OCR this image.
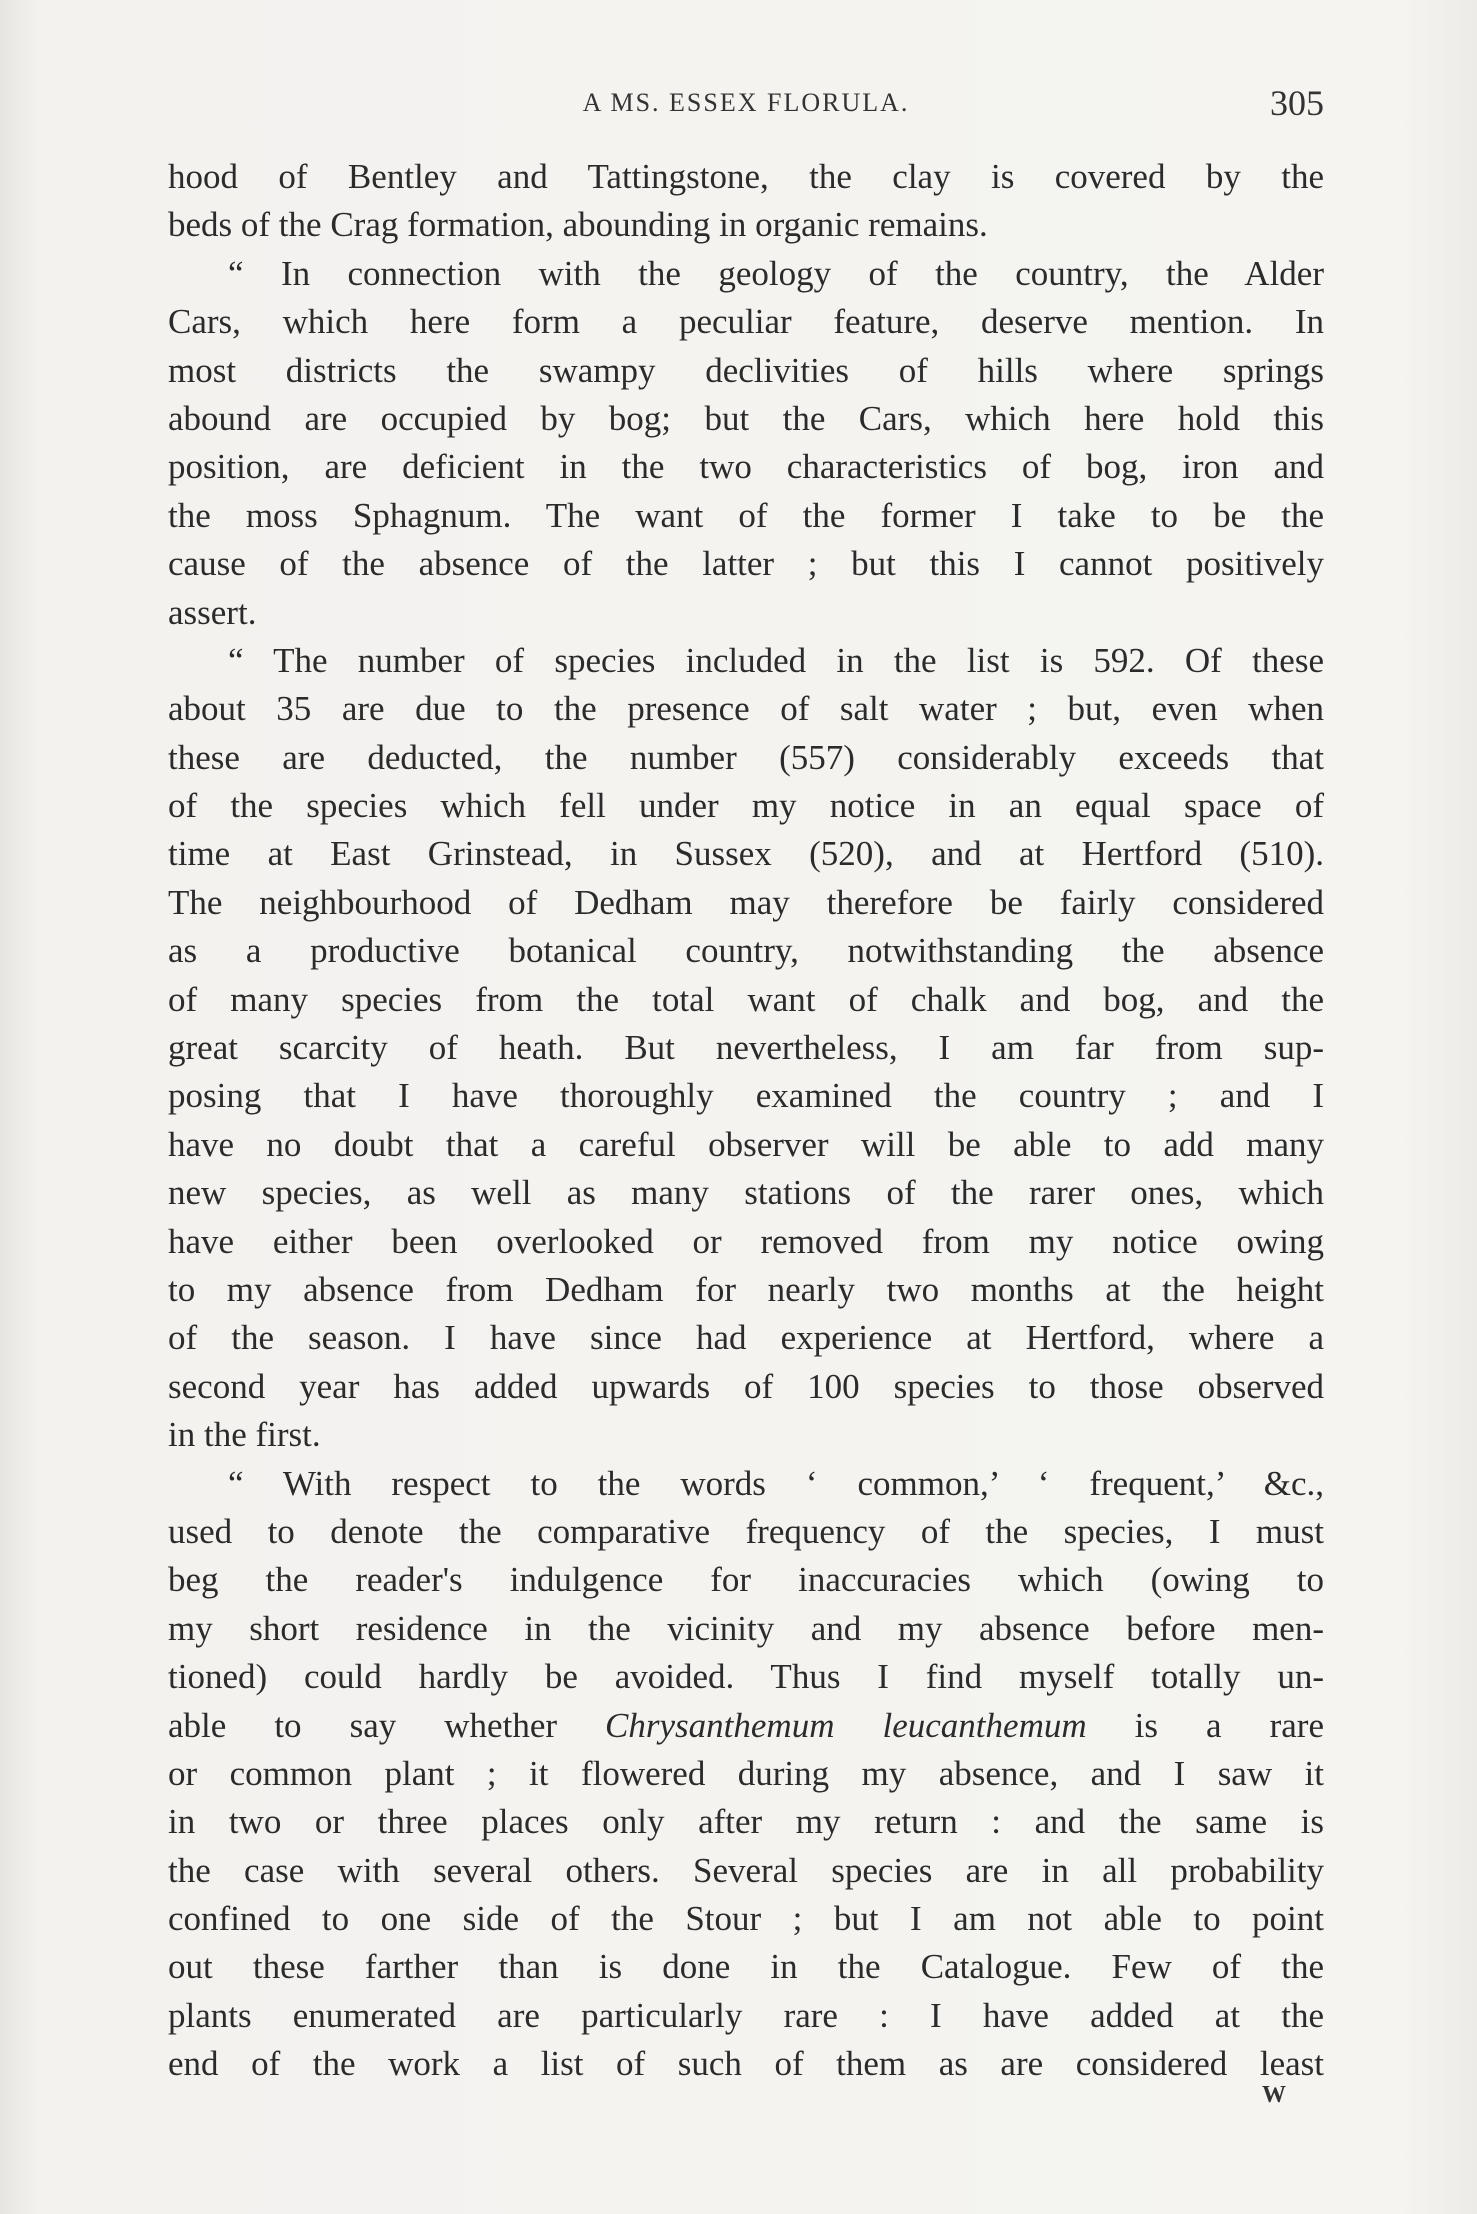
A MS. ESSEX FLORULA.	305
hood of Bentley and Tattingstone, the clay is covered by the
beds of the Crag formation, abounding in organic remains.
“ In connection with the geology of the country, the Alder
Cars, which here form a peculiar feature, deserve mention. In
most districts the swampy declivities of hills where springs
abound are occupied by bog; but the Cars, which here hold this
position, are deficient in the two characteristics of bog, iron and
the moss Sphagnum. The want of the former I take to be the
cause of the absence of the latter ; but this I cannot positively
assert.
“ The number of species included in the list is 592. Of these
about 35 are due to the presence of salt water ; but, even when
these are deducted, the number (557) considerably exceeds that
of the species which fell under my notice in an equal space of
time at East Grinstead, in Sussex (520), and at Hertford (510).
The neighbourhood of Dedham may therefore be fairly considered
as a productive botanical country, notwithstanding the absence
of many species from the total want of chalk and bog, and the
great scarcity of heath. But nevertheless, I am far from sup-
posing that I have thoroughly examined the country ; and I
have no doubt that a careful observer will be able to add many
new species, as well as many stations of the rarer ones, which
have either been overlooked or removed from my notice owing
to my absence from Dedham for nearly two months at the height
of the season. I have since had experience at Hertford, where a
second year has added upwards of 100 species to those observed
in the first.
“ With respect to the words ‘ common,’ ‘ frequent,’ &c.,
used to denote the comparative frequency of the species, I must
beg the reader's indulgence for inaccuracies which (owing to
my short residence in the vicinity and my absence before men-
tioned) could hardly be avoided. Thus I find myself totally un-
able to say whether Chrysanthemum leucanthemum is a rare
or common plant ; it flowered during my absence, and I saw it
in two or three places only after my return : and the same is
the case with several others. Several species are in all probability
confined to one side of the Stour ; but I am not able to point
out these farther than is done in the Catalogue. Few of the
plants enumerated are particularly rare : I have added at the
end of the work a list of such of them as are considered least
W
